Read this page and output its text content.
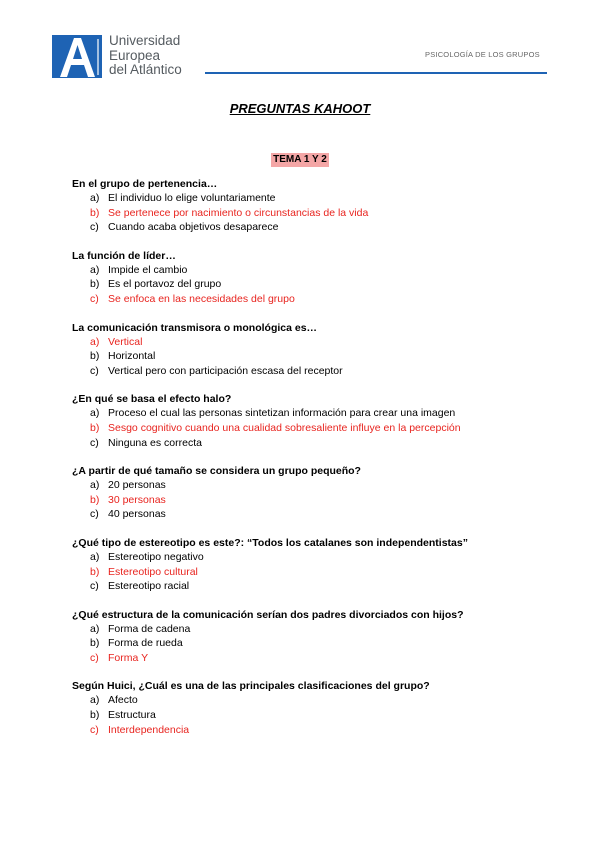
Universidad
Europea
del Atlántico
PSICOLOGÍA DE LOS GRUPOS
PREGUNTAS KAHOOT
TEMA 1 Y 2
En el grupo de pertenencia…
a) El individuo lo elige voluntariamente
b) Se pertenece por nacimiento o circunstancias de la vida
c) Cuando acaba objetivos desaparece
La función de líder…
a) Impide el cambio
b) Es el portavoz del grupo
c) Se enfoca en las necesidades del grupo
La comunicación transmisora o monológica es…
a) Vertical
b) Horizontal
c) Vertical pero con participación escasa del receptor
¿En qué se basa el efecto halo?
a) Proceso el cual las personas sintetizan información para crear una imagen
b) Sesgo cognitivo cuando una cualidad sobresaliente influye en la percepción
c) Ninguna es correcta
¿A partir de qué tamaño se considera un grupo pequeño?
a) 20 personas
b) 30 personas
c) 40 personas
¿Qué tipo de estereotipo es este?: “Todos los catalanes son independentistas”
a) Estereotipo negativo
b) Estereotipo cultural
c) Estereotipo racial
¿Qué estructura de la comunicación serían dos padres divorciados con hijos?
a) Forma de cadena
b) Forma de rueda
c) Forma Y
Según Huici, ¿Cuál es una de las principales clasificaciones del grupo?
a) Afecto
b) Estructura
c) Interdependencia
